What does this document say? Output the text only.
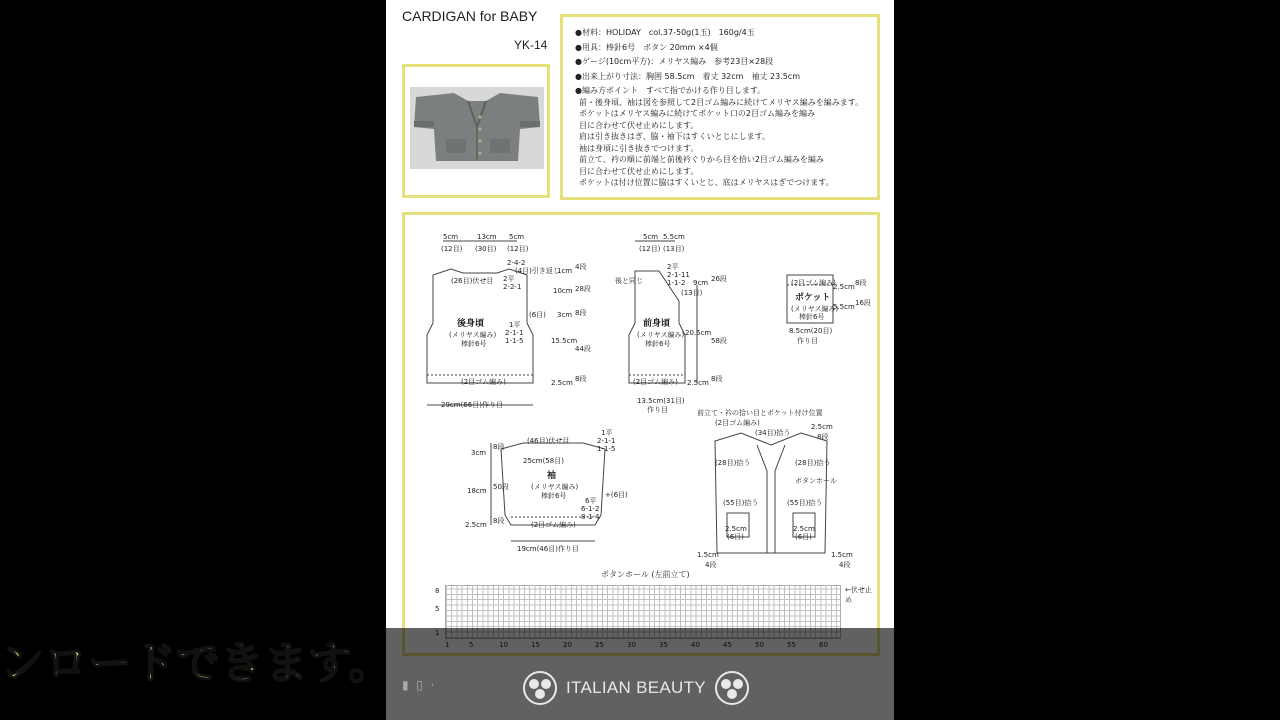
CARDIGAN for BABY
YK-14
●材料：HOLIDAY　col.37-50g(1玉)　160g/4玉
●用具：棒針6号　ボタン 20mm ×4個
●ゲージ(10cm平方)：メリヤス編み　参考23目×28段
●出来上がり寸法：胸囲 58.5cm　着丈 32cm　袖丈 23.5cm
●編み方ポイント　すべて指でかける作り目します。
前・後身頃、袖は図を参照して2目ゴム編みに続けてメリヤス編みを編みます。
ポケットはメリヤス編みに続けてポケット口の2目ゴム編みを編み
目に合わせて伏せ止めにします。
肩は引き抜きはぎ、脇・袖下はすくいとじにします。
袖は身頃に引き抜きでつけます。
前立て、衿の順に前端と前後衿ぐりから目を拾い2目ゴム編みを編み
目に合わせて伏せ止めにします。
ポケットは付け位置に脇はすくいとじ、底はメリヤスはぎでつけます。
5cm	13cm 5cm
(12目) (30目) (12目)
2-4-2
(4目)引き返し
2平
2-2-1
(26目)伏せ目
(6目)
1平
2-1-1
1-1-5
後身頃
(メリヤス編み)
棒針6号
(2目ゴム編み)
29cm(66目)作り目
1cm 4段
10cm 28段
3cm 8段
15.5cm
44段
2.5cm 8段
5cm 5.5cm
(12目) (13目)
2平
2-1-11
1-1-2
後と同じ
(13目)
前身頃
(メリヤス編み)
棒針6号
(2目ゴム編み)
13.5cm(31目)
作り目
9cm 26段
20.5cm
58段
2.5cm 8段
(2目ゴム編み)
ポケット
(メリヤス編み)
棒針6号
8.5cm(20目)
作り目
2.5cm 8段
5.5cm 16段
(46目)伏せ目
25cm(58目)
袖
(メリヤス編み)
棒針6号
(2目ゴム編み)
19cm(46目)作り目
1平
2-1-1
1-1-5
6平
6-1-2
8-1-4
+(6目)
3cm
8段
18cm 50段
2.5cm 8段
前立て・衿の拾い目とポケット付け位置
(2目ゴム編み)
(34目)拾う
2.5cm
8段
(28目)拾う	(28目)拾う
ボタンホール
(55目)拾う	(55目)拾う
2.5cm
(6目)
2.5cm
(6目)
1.5cm
4段
1.5cm
4段
ボタンホール (左前立て)
←伏せ止め
8
5
▮  ▯  ·	ITALIAN BEAUTY
ンロードできます。
